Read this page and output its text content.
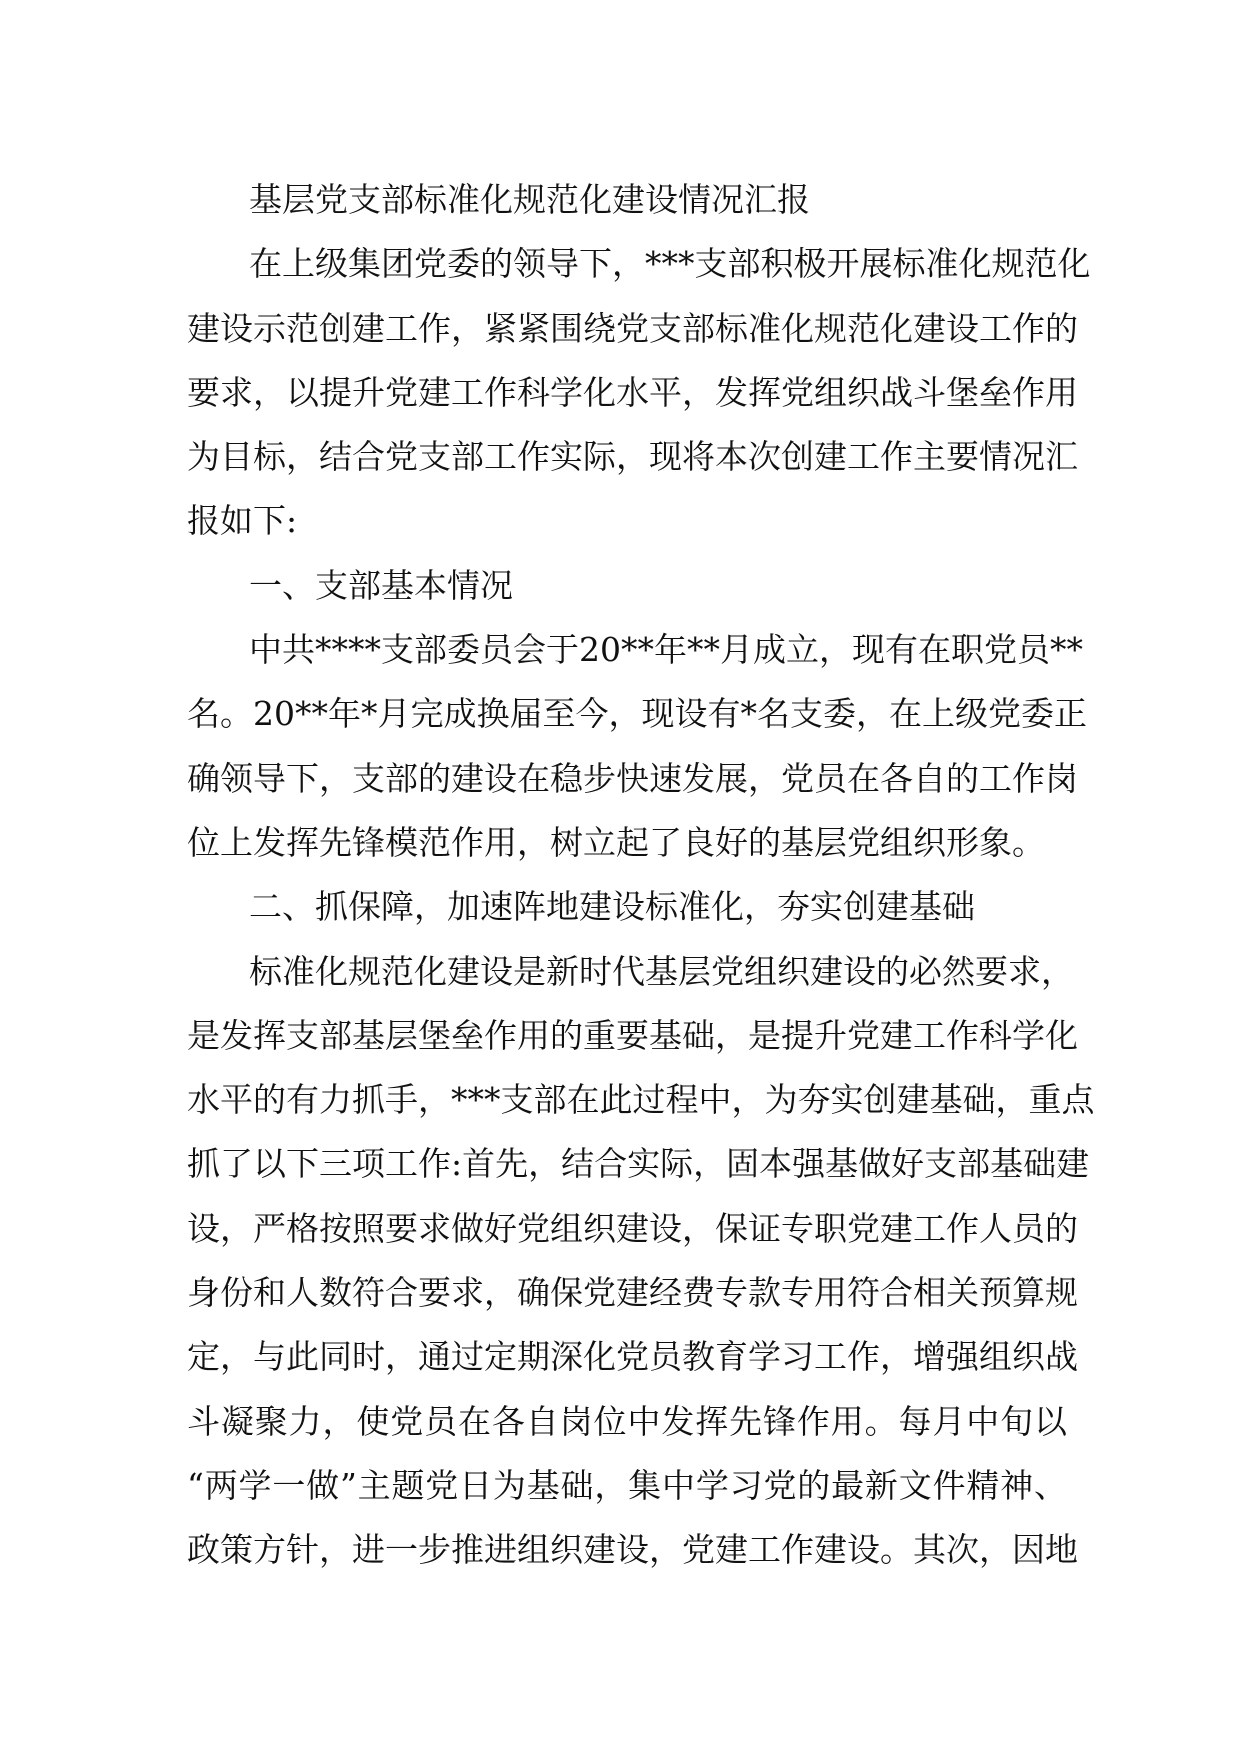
基层党支部标准化规范化建设情况汇报
在上级集团党委的领导下，***支部积极开展标准化规范化
建设示范创建工作，紧紧围绕党支部标准化规范化建设工作的
要求，以提升党建工作科学化水平，发挥党组织战斗堡垒作用
为目标，结合党支部工作实际，现将本次创建工作主要情况汇
报如下:
一、支部基本情况
中共****支部委员会于20**年**月成立，现有在职党员**
名。20**年*月完成换届至今，现设有*名支委，在上级党委正
确领导下，支部的建设在稳步快速发展，党员在各自的工作岗
位上发挥先锋模范作用，树立起了良好的基层党组织形象。
二、抓保障，加速阵地建设标准化，夯实创建基础
标准化规范化建设是新时代基层党组织建设的必然要求，
是发挥支部基层堡垒作用的重要基础，是提升党建工作科学化
水平的有力抓手，***支部在此过程中，为夯实创建基础，重点
抓了以下三项工作:首先，结合实际，固本强基做好支部基础建
设，严格按照要求做好党组织建设，保证专职党建工作人员的
身份和人数符合要求，确保党建经费专款专用符合相关预算规
定，与此同时，通过定期深化党员教育学习工作，增强组织战
斗凝聚力，使党员在各自岗位中发挥先锋作用。每月中旬以
“两学一做”主题党日为基础，集中学习党的最新文件精神、
政策方针，进一步推进组织建设，党建工作建设。其次，因地
